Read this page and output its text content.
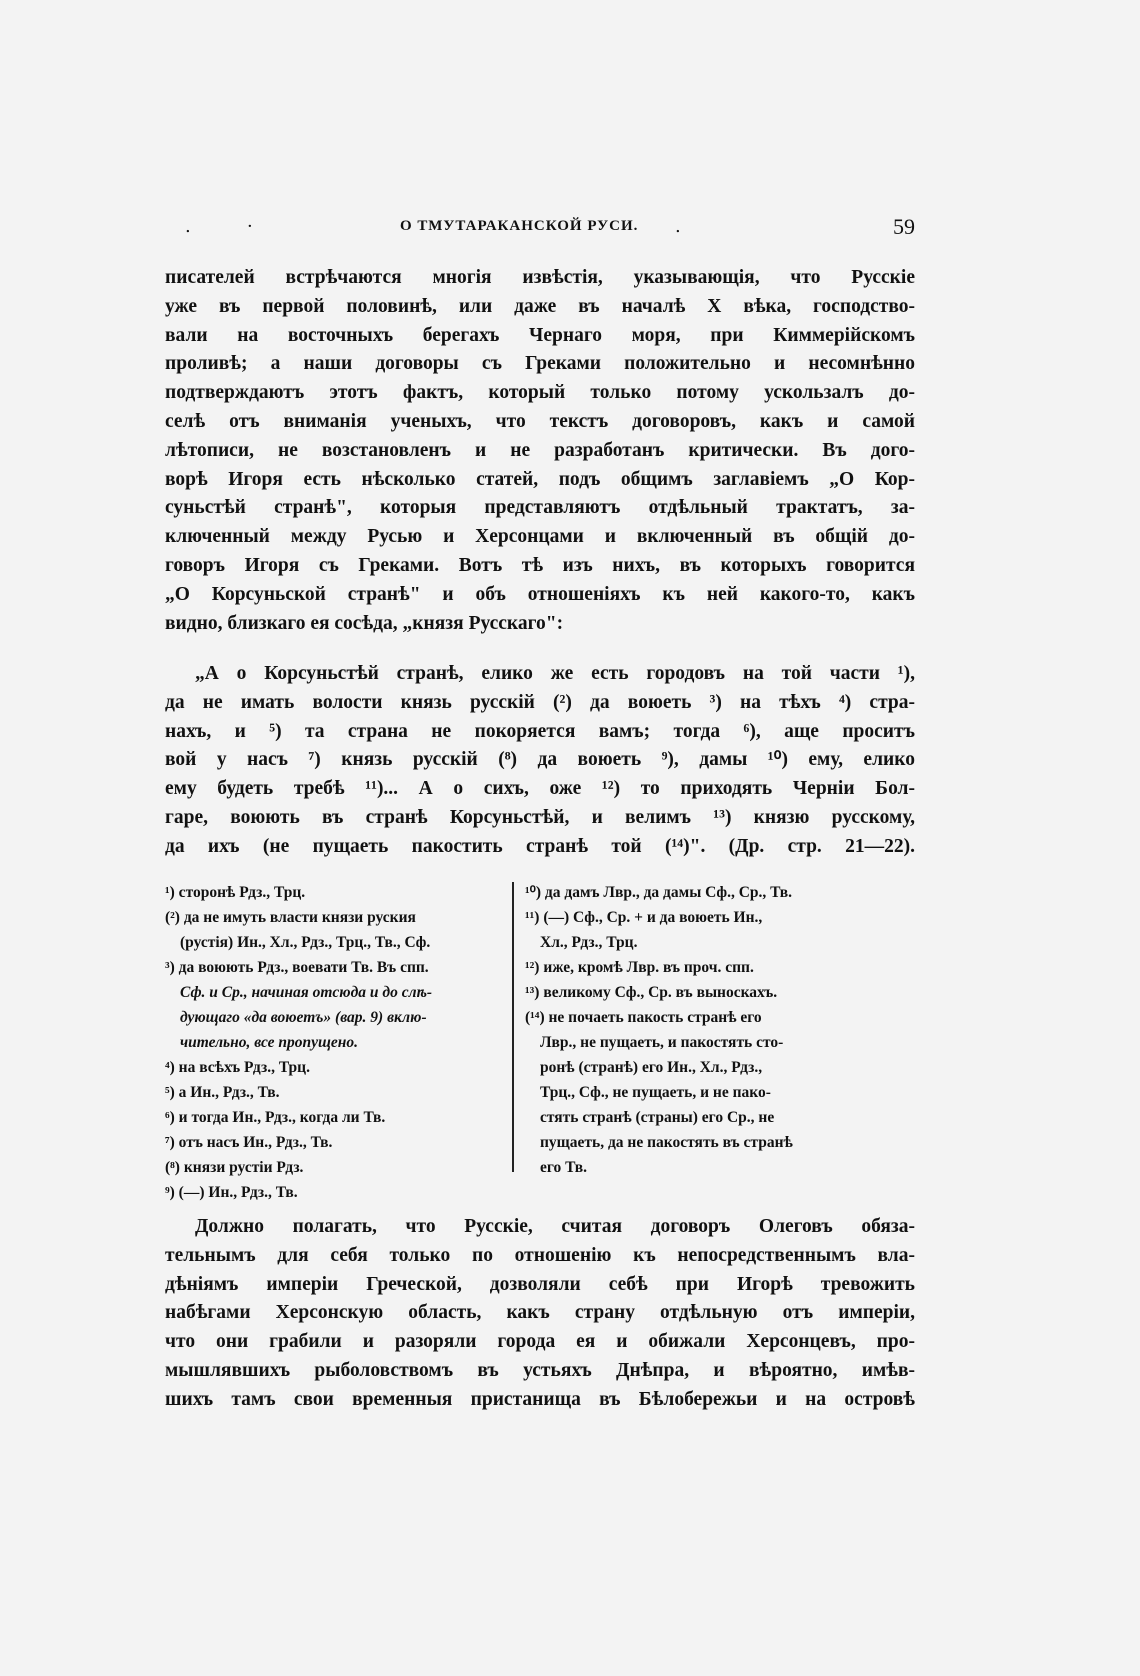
.	·	О ТМУТАРАКАНСКОЙ РУСИ. .	59
писателей встрѣчаются многія извѣстія, указывающія, что Русскіе
уже въ первой половинѣ, или даже въ началѣ X вѣка, господство-
вали на восточныхъ берегахъ Чернаго моря, при Киммерійскомъ
проливѣ; а наши договоры съ Греками положительно и несомнѣнно
подтверждаютъ этотъ фактъ, который только потому ускользалъ до-
селѣ отъ вниманія ученыхъ, что текстъ договоровъ, какъ и самой
лѣтописи, не возстановленъ и не разработанъ критически. Въ дого-
ворѣ Игоря есть нѣсколько статей, подъ общимъ заглавіемъ „О Кор-
суньстѣй странѣ", которыя представляютъ отдѣльный трактатъ, за-
ключенный между Русью и Херсонцами и включенный въ общій до-
говоръ Игоря съ Греками. Вотъ тѣ изъ нихъ, въ которыхъ говорится
„О Корсуньской странѣ" и объ отношеніяхъ къ ней какого-то, какъ
видно, близкаго ея сосѣда, „князя Русскаго":
„А о Корсуньстѣй странѣ, елико же есть городовъ на той части ¹),
да не имать волости князь русскій (²) да воюеть ³) на тѣхъ ⁴) стра-
нахъ, и ⁵) та страна не покоряется вамъ; тогда ⁶), аще проситъ
вой у насъ ⁷) князь русскій (⁸) да воюеть ⁹), дамы ¹⁰) ему, елико
ему будеть требѣ ¹¹)... А о сихъ, оже ¹²) то приходять Черніи Бол-
гаре, воюють въ странѣ Корсуньстѣй, и велимъ ¹³) князю русскому,
да ихъ (не пущаеть пакостить странѣ той (¹⁴)". (Др. стр. 21—22).
¹) сторонѣ Рдз., Трц.
(²) да не имуть власти князи руския
(рустія) Ин., Хл., Рдз., Трц., Тв., Сф.
³) да воюють Рдз., воевати Тв. Въ спп.
Сф. и Ср., начиная отсюда и до слѣ-
дующаго «да воюетъ» (вар. 9) вклю-
чительно, все пропущено.
⁴) на всѣхъ Рдз., Трц.
⁵) а Ин., Рдз., Тв.
⁶) и тогда Ин., Рдз., когда ли Тв.
⁷) отъ насъ Ин., Рдз., Тв.
(⁸) князи рустіи Рдз.
⁹) (—) Ин., Рдз., Тв.
¹⁰) да дамъ Лвр., да дамы Сф., Ср., Тв.
¹¹) (—) Сф., Ср. + и да воюеть Ин.,
Хл., Рдз., Трц.
¹²) иже, кромѣ Лвр. въ проч. спп.
¹³) великому Сф., Ср. въ выноскахъ.
(¹⁴) не почаеть пакость странѣ его
Лвр., не пущаеть, и пакостять сто-
ронѣ (странѣ) его Ин., Хл., Рдз.,
Трц., Сф., не пущаеть, и не пако-
стять странѣ (страны) его Ср., не
пущаеть, да не пакостять въ странѣ
его Тв.
Должно полагать, что Русскіе, считая договоръ Олеговъ обяза-
тельнымъ для себя только по отношенію къ непосредственнымъ вла-
дѣніямъ имперіи Греческой, дозволяли себѣ при Игорѣ тревожить
набѣгами Херсонскую область, какъ страну отдѣльную отъ имперіи,
что они грабили и разоряли города ея и обижали Херсонцевъ, про-
мышлявшихъ рыболовствомъ въ устьяхъ Днѣпра, и вѣроятно, имѣв-
шихъ тамъ свои временныя пристанища въ Бѣлобережьи и на островѣ
